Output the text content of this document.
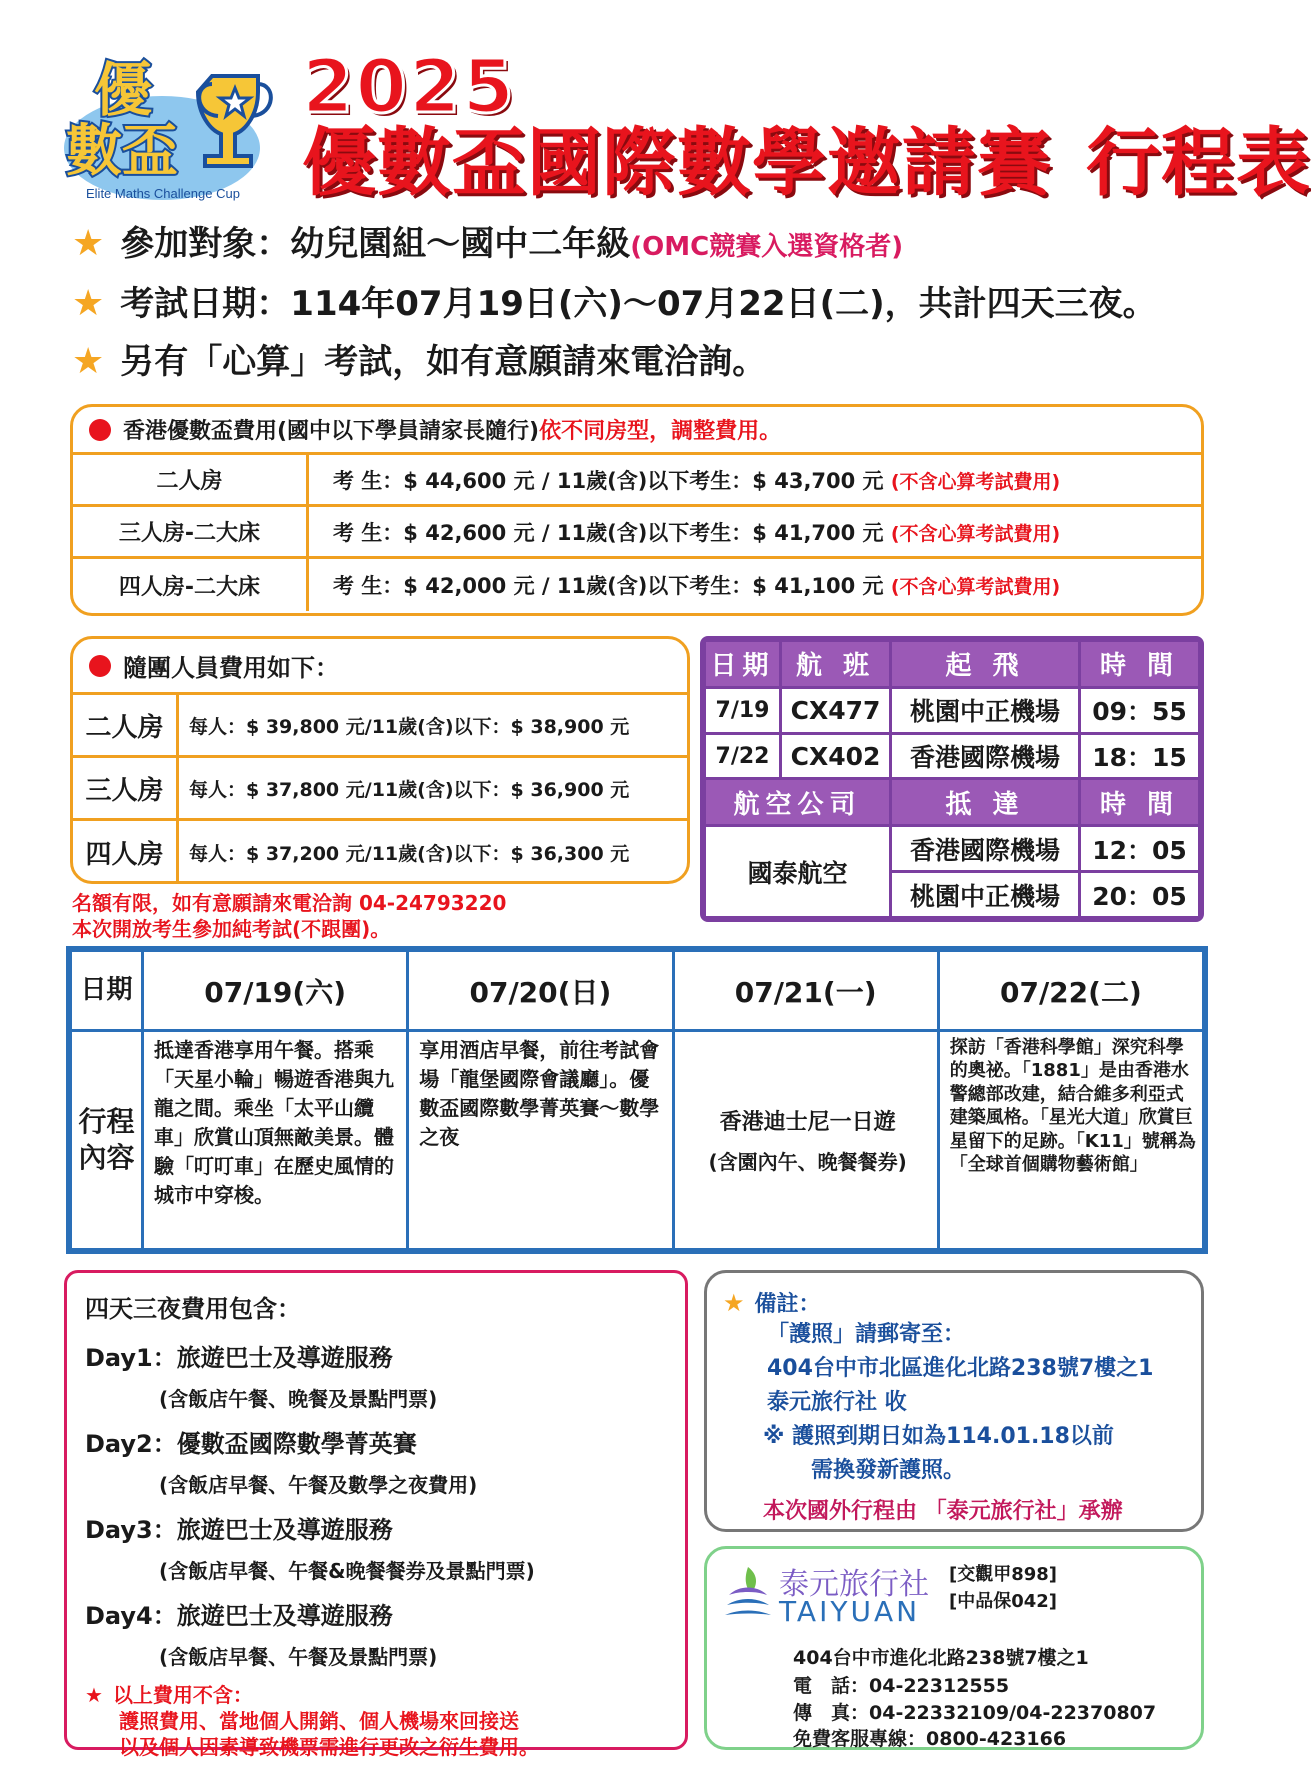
優
數盃
Elite Maths Challenge Cup
2025
優數盃國際數學邀請賽 行程表
★ 參加對象：幼兒園組～國中二年級(OMC競賽入選資格者)
★ 考試日期：114年07月19日(六)～07月22日(二)，共計四天三夜。
★ 另有「心算」考試，如有意願請來電洽詢。
香港優數盃費用(國中以下學員請家長隨行) 依不同房型，調整費用。
二人房	考 生：$ 44,600 元 / 11歲(含)以下考生：$ 43,700 元 (不含心算考試費用)
三人房-二大床	考 生：$ 42,600 元 / 11歲(含)以下考生：$ 41,700 元 (不含心算考試費用)
四人房-二大床	考 生：$ 42,000 元 / 11歲(含)以下考生：$ 41,100 元 (不含心算考試費用)
隨團人員費用如下：
二人房	每人：$ 39,800 元/11歲(含)以下：$ 38,900 元
三人房	每人：$ 37,800 元/11歲(含)以下：$ 36,900 元
四人房	每人：$ 37,200 元/11歲(含)以下：$ 36,300 元
名額有限，如有意願請來電洽詢 04-24793220
本次開放考生參加純考試(不跟團)。
日期	航 班	起 飛	時 間
7/19	CX477	桃園中正機場	09：55
7/22	CX402	香港國際機場	18：15
航空公司		抵 達	時 間
國泰航空		香港國際機場	12：05
		桃園中正機場	20：05
日期	07/19(六)	07/20(日)	07/21(一)	07/22(二)
行程內容	抵達香港享用午餐。搭乘「天星小輪」暢遊香港與九龍之間。乘坐「太平山纜車」欣賞山頂無敵美景。體驗「叮叮車」在歷史風情的城市中穿梭。	享用酒店早餐，前往考試會場「龍堡國際會議廳」。優數盃國際數學菁英賽～數學之夜	香港迪士尼一日遊
(含園內午、晚餐餐券)	探訪「香港科學館」深究科學的奧祕。「1881」是由香港水警總部改建，結合維多利亞式建築風格。「星光大道」欣賞巨星留下的足跡。「K11」號稱為「全球首個購物藝術館」

四天三夜費用包含：
Day1：旅遊巴士及導遊服務
(含飯店午餐、晚餐及景點門票)
Day2：優數盃國際數學菁英賽
(含飯店早餐、午餐及數學之夜費用)
Day3：旅遊巴士及導遊服務
(含飯店早餐、午餐&晚餐餐券及景點門票)
Day4：旅遊巴士及導遊服務
(含飯店早餐、午餐及景點門票)
★ 以上費用不含：
護照費用、當地個人開銷、個人機場來回接送
以及個人因素導致機票需進行更改之衍生費用。
★ 備註：
「護照」請郵寄至：
404台中市北區進化北路238號7樓之1
泰元旅行社 收
※ 護照到期日如為114.01.18以前
需換發新護照。
本次國外行程由 「泰元旅行社」承辦
泰元旅行社
TAIYUAN
[交觀甲898]
[中品保042]
404台中市進化北路238號7樓之1
電　話：04-22312555
傳　真：04-22332109/04-22370807
免費客服專線：0800-423166
